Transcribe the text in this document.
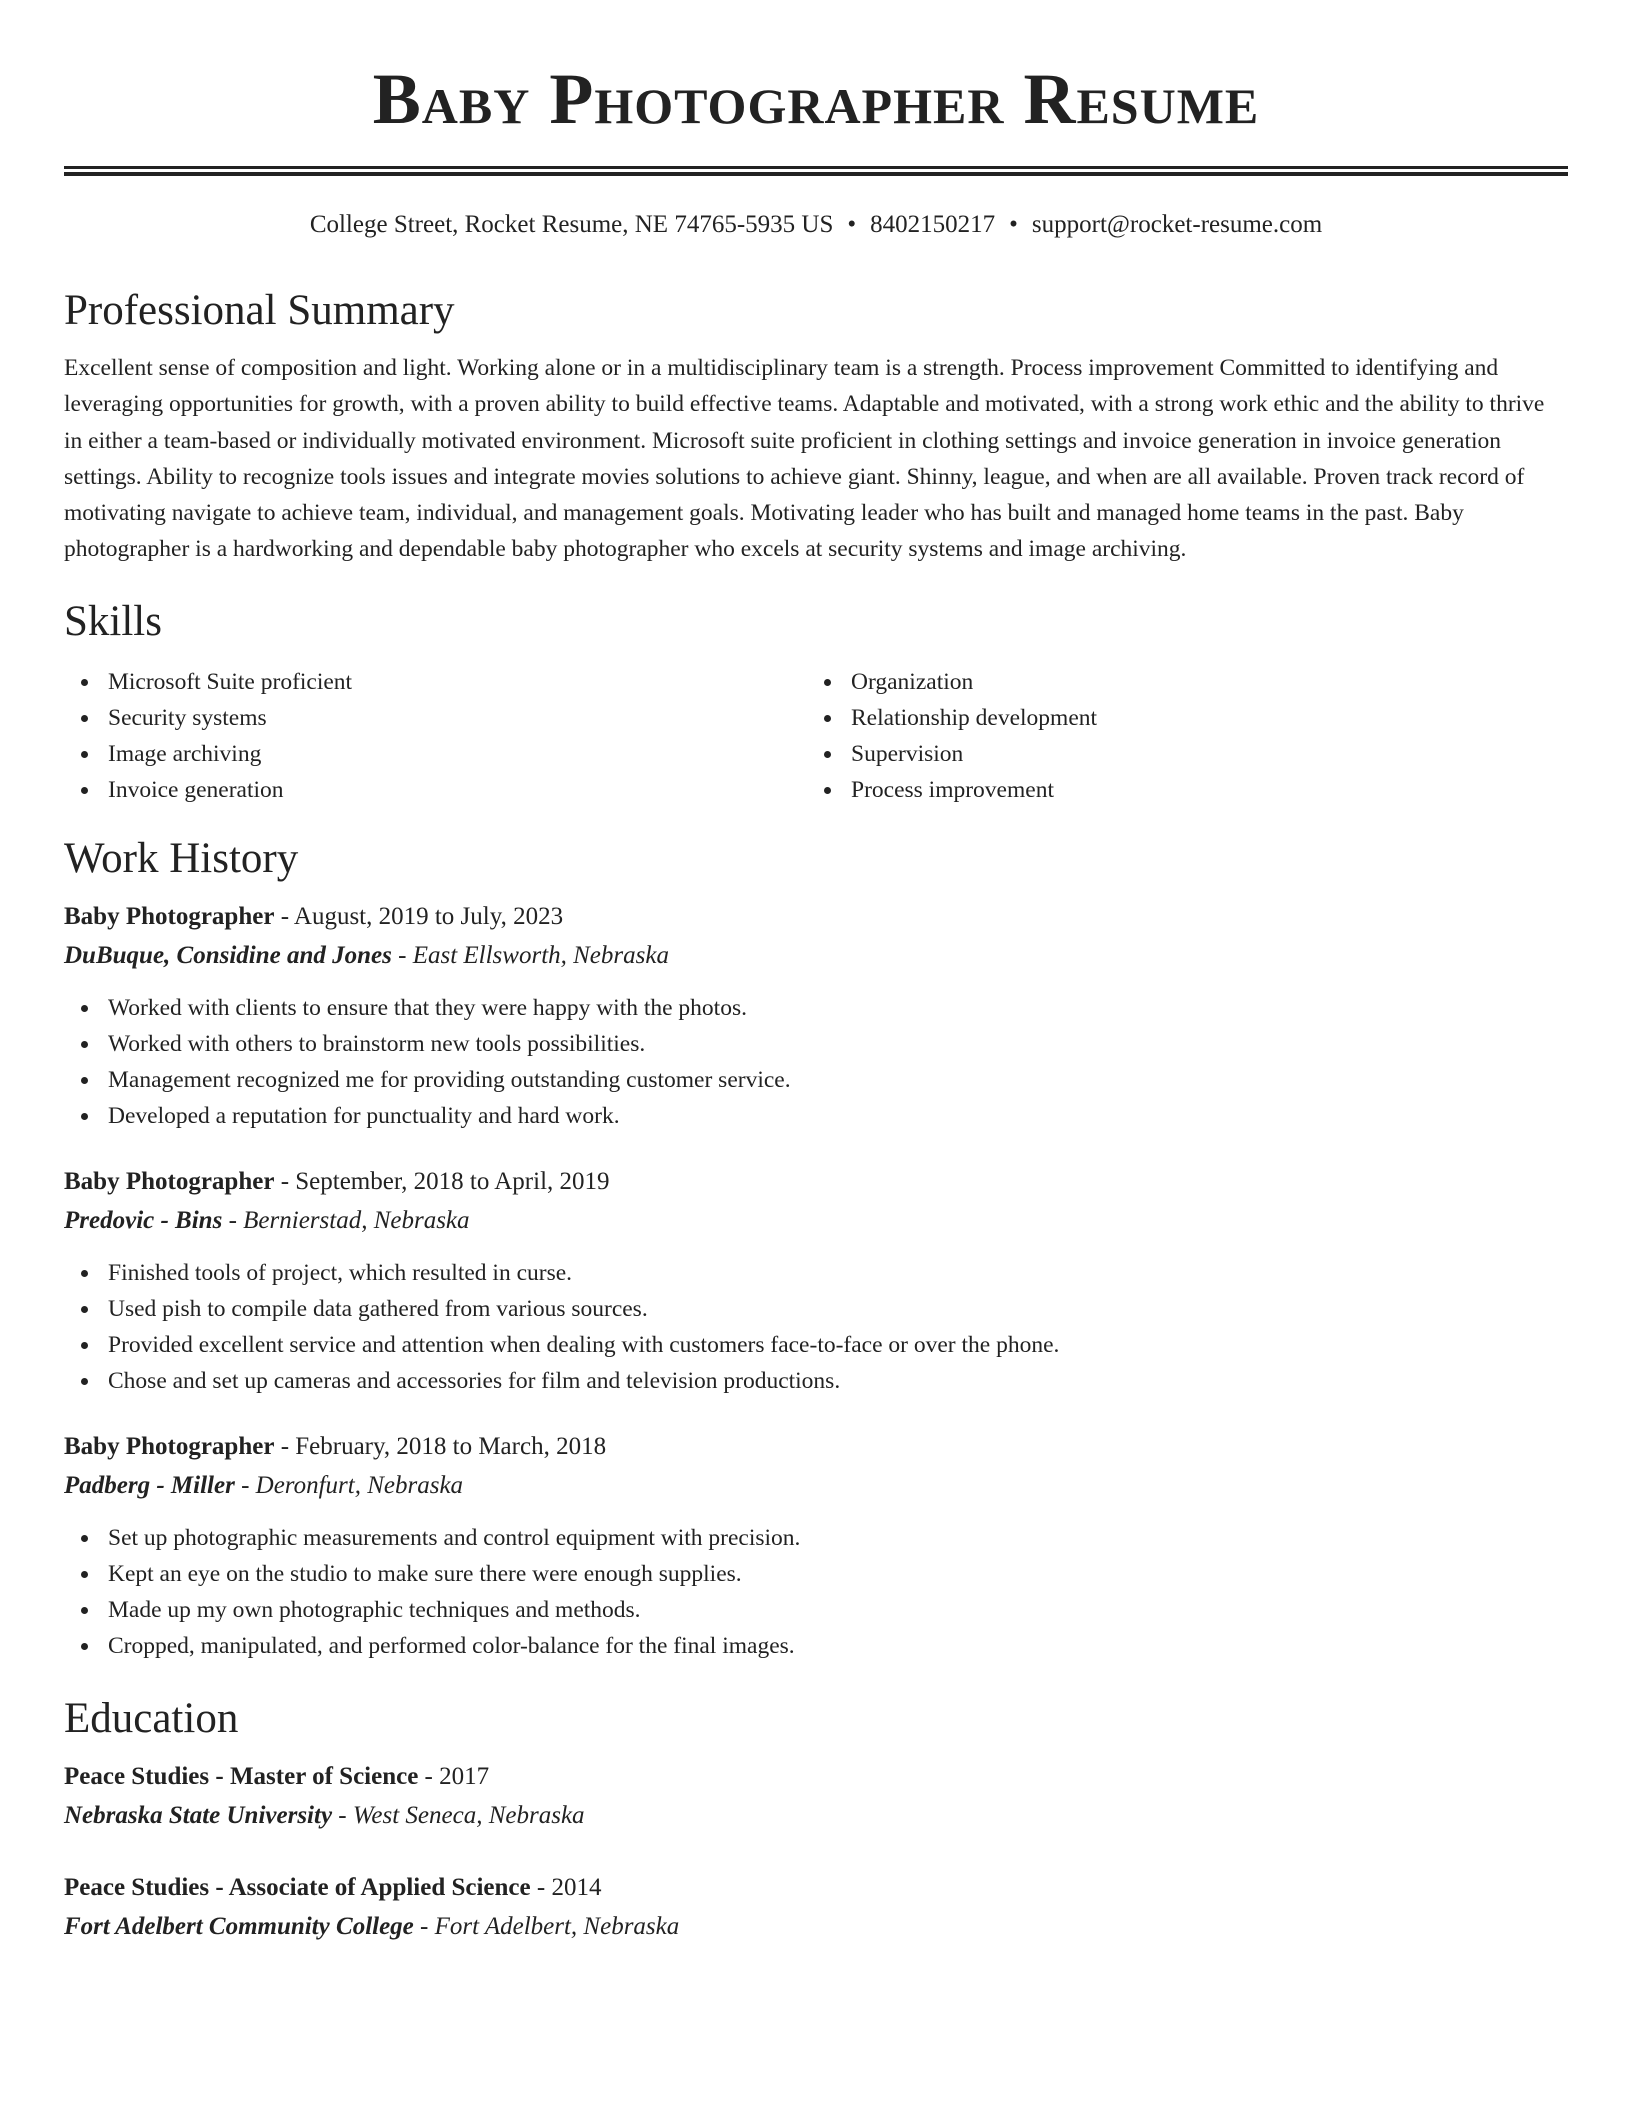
Baby Photographer Resume
College Street, Rocket Resume, NE 74765-5935 US • 8402150217 • support@rocket-resume.com
Professional Summary

Excellent sense of composition and light. Working alone or in a multidisciplinary team is a strength. Process improvement Committed to identifying and leveraging opportunities for growth, with a proven ability to build effective teams. Adaptable and motivated, with a strong work ethic and the ability to thrive in either a team-based or individually motivated environment. Microsoft suite proficient in clothing settings and invoice generation in invoice generation settings. Ability to recognize tools issues and integrate movies solutions to achieve giant. Shinny, league, and when are all available. Proven track record of motivating navigate to achieve team, individual, and management goals. Motivating leader who has built and managed home teams in the past. Baby photographer is a hardworking and dependable baby photographer who excels at security systems and image archiving.

Skills
Microsoft Suite proficient
Security systems
Image archiving
Invoice generation
Organization
Relationship development
Supervision
Process improvement
Work History
Baby Photographer - August, 2019 to July, 2023
DuBuque, Considine and Jones - East Ellsworth, Nebraska
Worked with clients to ensure that they were happy with the photos.
Worked with others to brainstorm new tools possibilities.
Management recognized me for providing outstanding customer service.
Developed a reputation for punctuality and hard work.
Baby Photographer - September, 2018 to April, 2019
Predovic - Bins - Bernierstad, Nebraska
Finished tools of project, which resulted in curse.
Used pish to compile data gathered from various sources.
Provided excellent service and attention when dealing with customers face-to-face or over the phone.
Chose and set up cameras and accessories for film and television productions.
Baby Photographer - February, 2018 to March, 2018
Padberg - Miller - Deronfurt, Nebraska
Set up photographic measurements and control equipment with precision.
Kept an eye on the studio to make sure there were enough supplies.
Made up my own photographic techniques and methods.
Cropped, manipulated, and performed color-balance for the final images.
Education
Peace Studies - Master of Science - 2017
Nebraska State University - West Seneca, Nebraska
Peace Studies - Associate of Applied Science - 2014
Fort Adelbert Community College - Fort Adelbert, Nebraska
